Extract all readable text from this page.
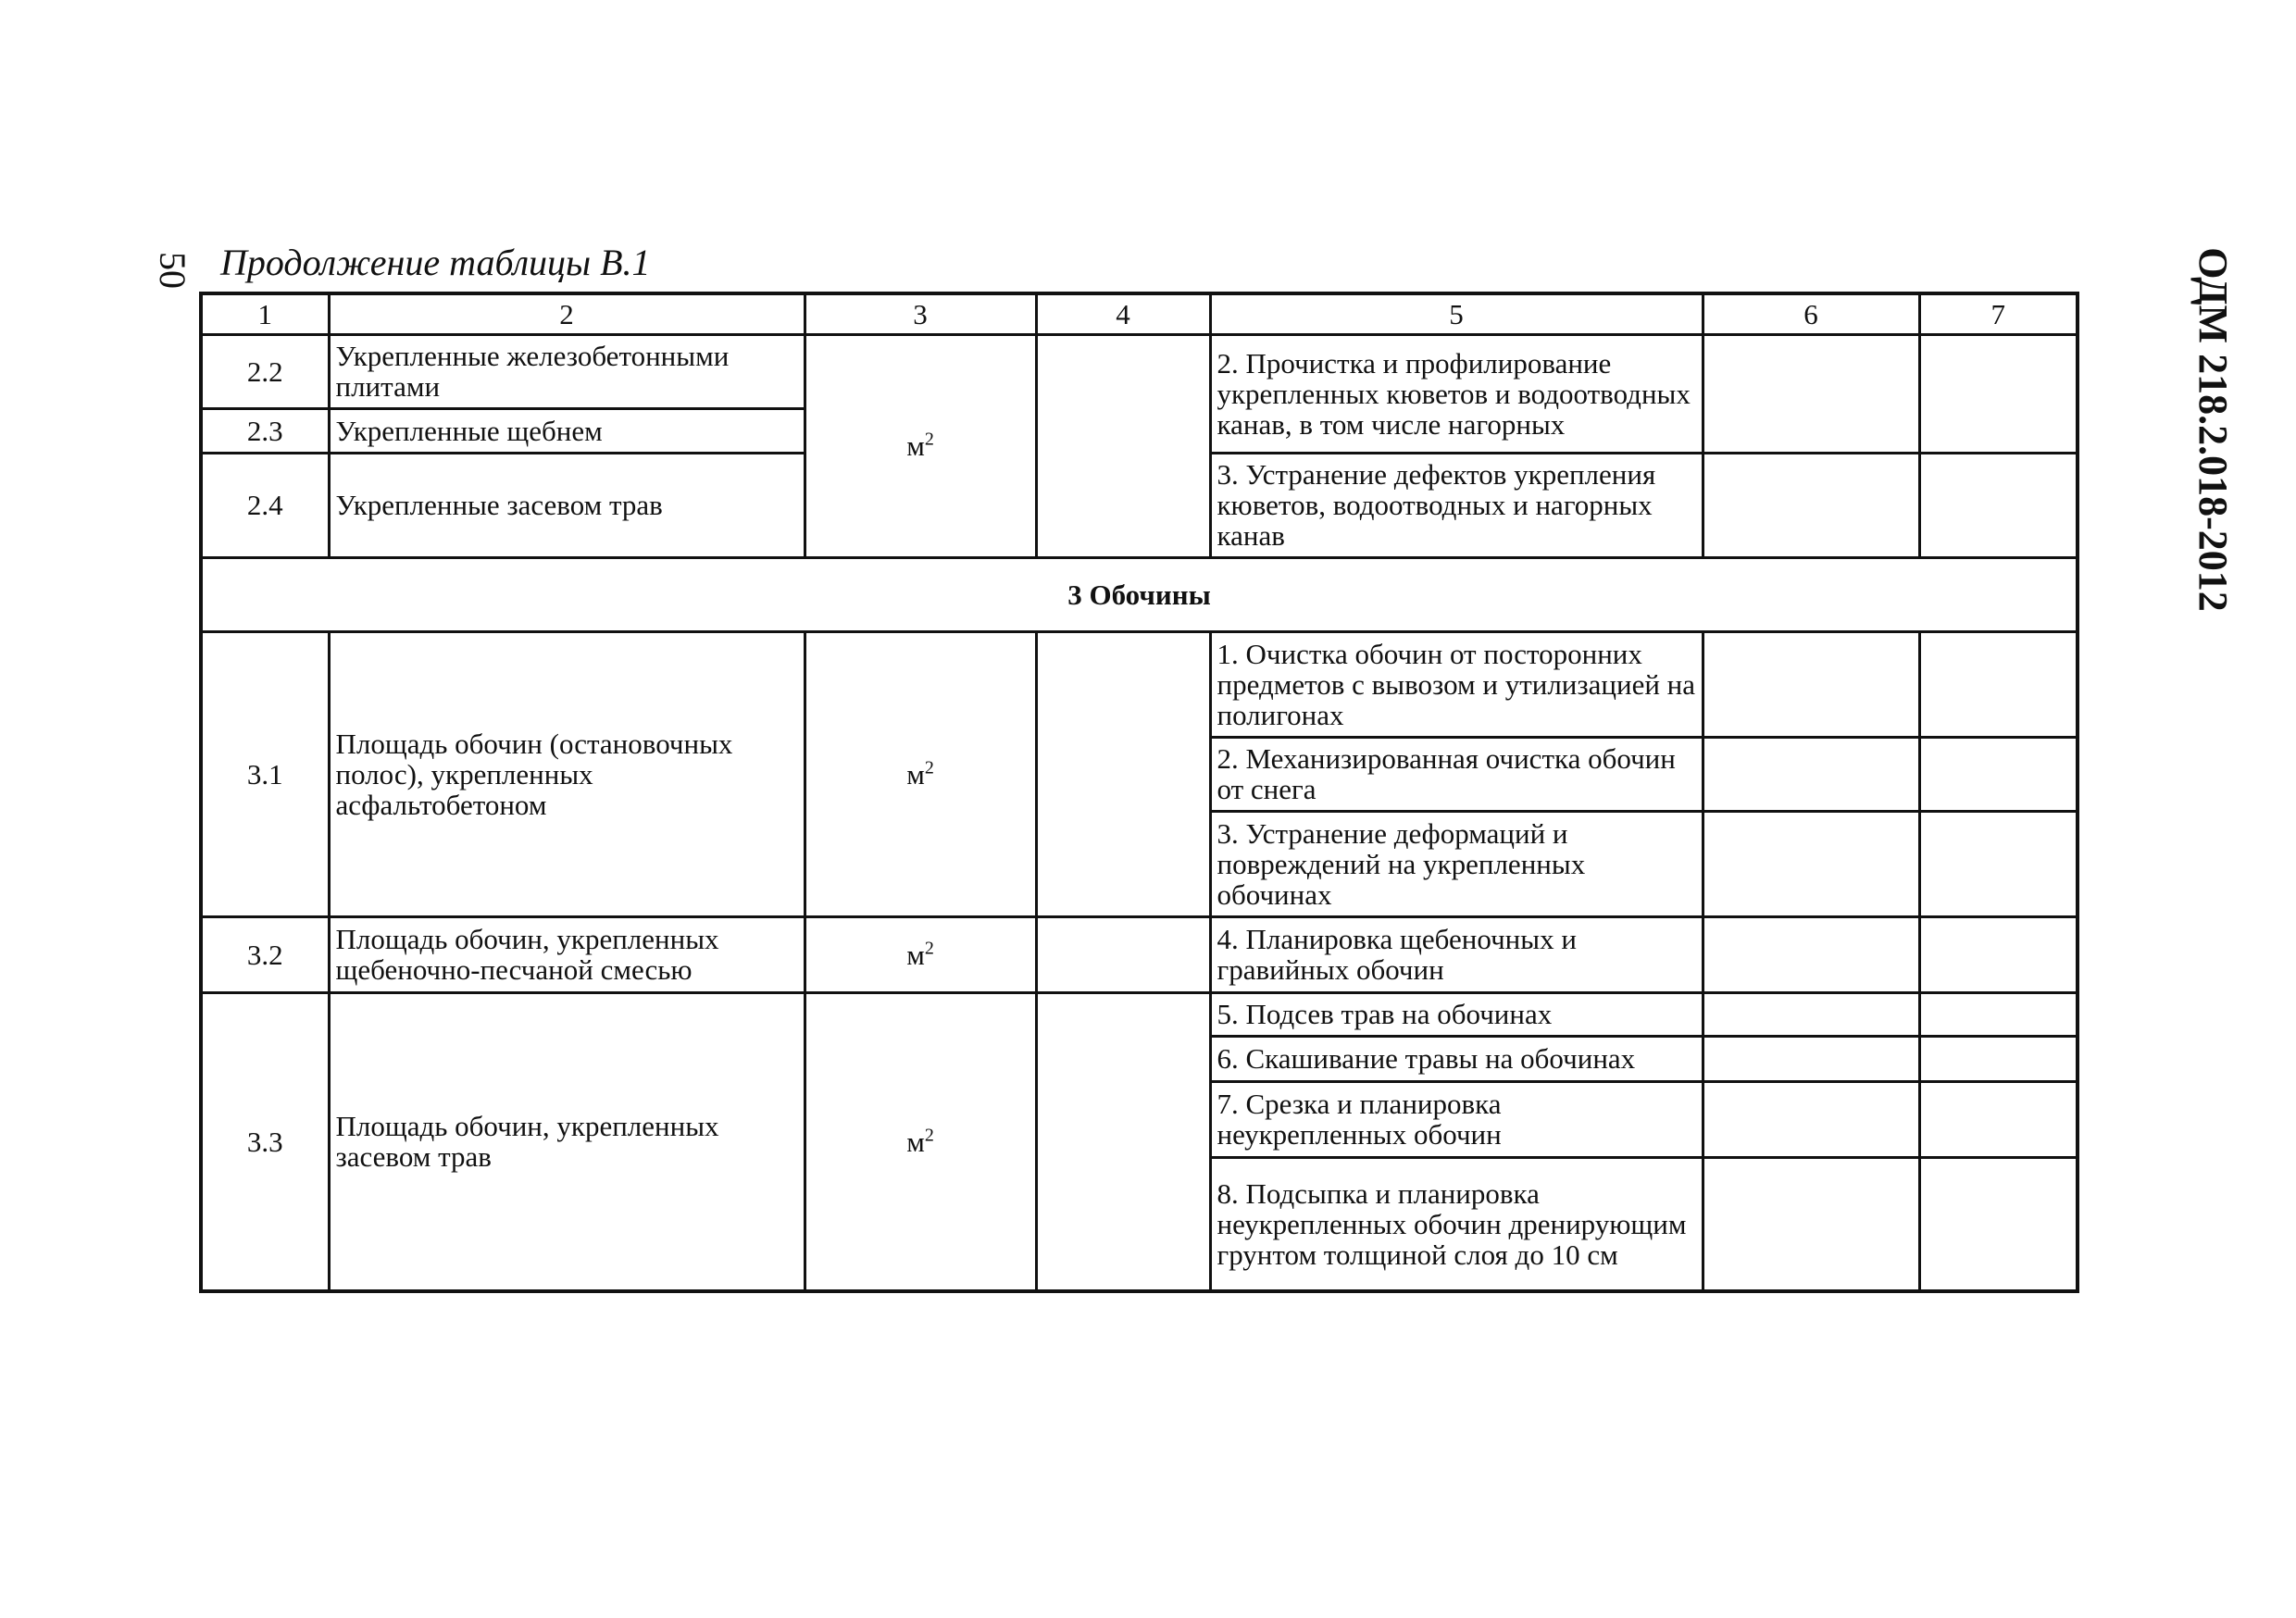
50	ОДМ 218.2.018-2012
Продолжение таблицы В.1
1	2	3	4	5	6	7
2.2	Укрепленные железобетонными плитами	$м^2$		2. Прочистка и профилирование укрепленных кюветов и водоотводных канав, в том числе нагорных		
2.3	Укрепленные щебнем					
2.4	Укрепленные засевом трав			3. Устранение дефектов укрепления кюветов, водоотводных и нагорных канав		
3 Обочины						
3.1	Площадь обочин (остановочных полос), укрепленных асфальтобетоном	$м^2$		1. Очистка обочин от посторонних предметов с вывозом и утилизацией на полигонах		
				2. Механизированная очистка обочин от снега		
				3. Устранение деформаций и повреждений на укрепленных обочинах		
3.2	Площадь обочин, укрепленных щебеночно-песчаной смесью	$м^2$		4. Планировка щебеночных и гравийных обочин		
3.3	Площадь обочин, укрепленных засевом трав	$м^2$		5. Подсев трав на обочинах		
				6. Скашивание травы на обочинах		
				7. Срезка и планировка неукрепленных обочин		
				8. Подсыпка и планировка неукрепленных обочин дренирующим грунтом толщиной слоя до 10 см		
